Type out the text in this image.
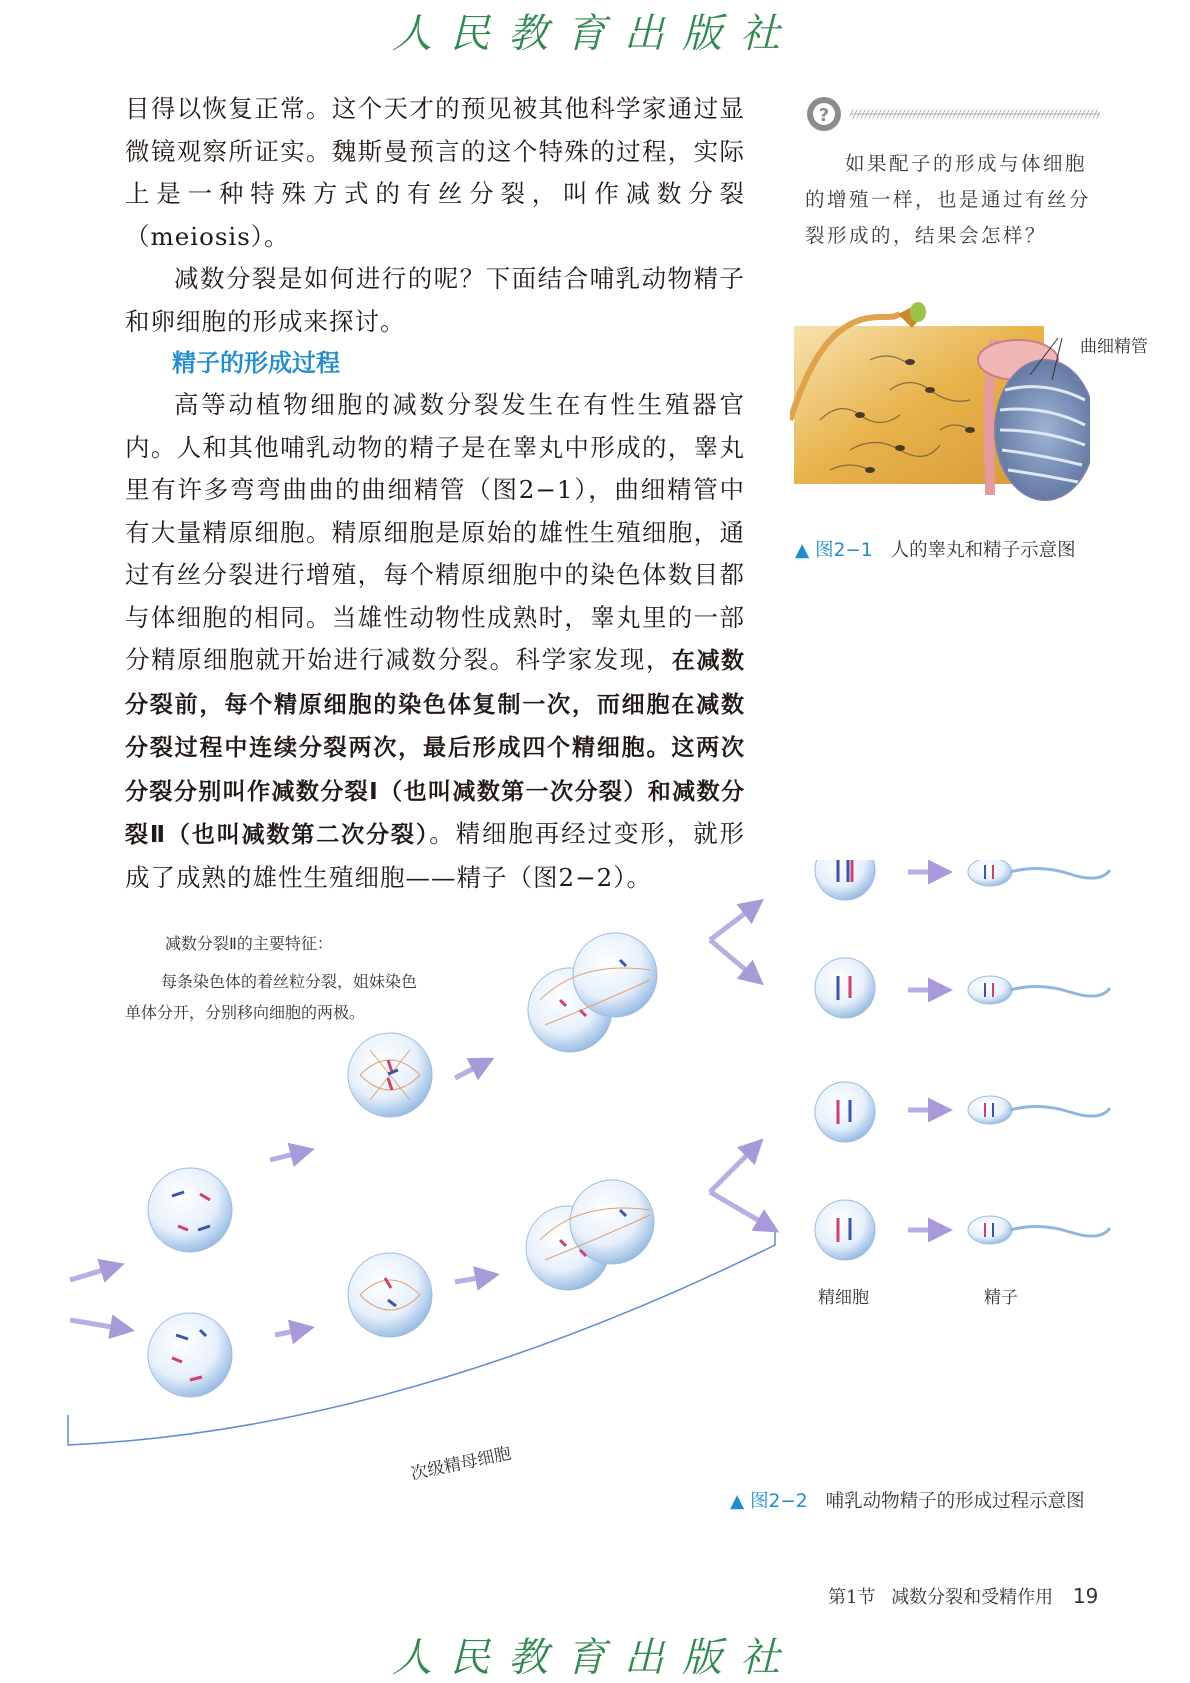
人民教育出版社

目得以恢复正常。这个天才的预见被其他科学家通过显微镜观察所证实。魏斯曼预言的这个特殊的过程，实际上是一种特殊方式的有丝分裂，叫作减数分裂（meiosis）。

减数分裂是如何进行的呢？下面结合哺乳动物精子和卵细胞的形成来探讨。

精子的形成过程

高等动植物细胞的减数分裂发生在有性生殖器官内。人和其他哺乳动物的精子是在睾丸中形成的，睾丸里有许多弯弯曲曲的曲细精管（图2−1），曲细精管中有大量精原细胞。精原细胞是原始的雄性生殖细胞，通过有丝分裂进行增殖，每个精原细胞中的染色体数目都与体细胞的相同。当雄性动物性成熟时，睾丸里的一部分精原细胞就开始进行减数分裂。科学家发现，在减数分裂前，每个精原细胞的染色体复制一次，而细胞在减数分裂过程中连续分裂两次，最后形成四个精细胞。这两次分裂分别叫作减数分裂Ⅰ（也叫减数第一次分裂）和减数分裂Ⅱ（也叫减数第二次分裂）。精细胞再经过变形，就形成了成熟的雄性生殖细胞——精子（图2−2）。

?

如果配子的形成与体细胞的增殖一样，也是通过有丝分裂形成的，结果会怎样？

曲细精管
▲ 图2−1 人的睾丸和精子示意图
减数分裂Ⅱ的主要特征：
每条染色体的着丝粒分裂，姐妹染色单体分开，分别移向细胞的两极。
精细胞	精子
次级精母细胞
▲ 图2−2 哺乳动物精子的形成过程示意图
第1节 减数分裂和受精作用 19
人民教育出版社
